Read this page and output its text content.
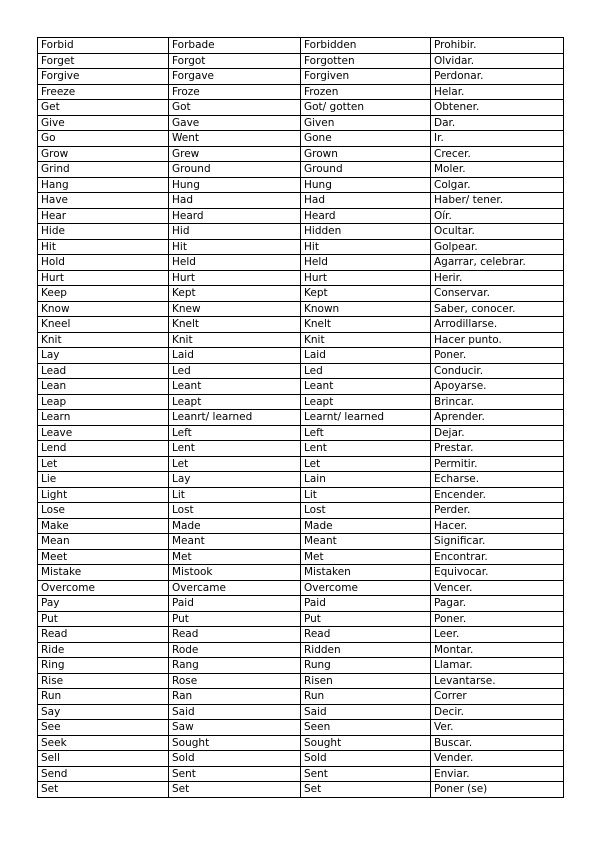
Forbid	Forbade	Forbidden	Prohibir.
Forget	Forgot	Forgotten	Olvidar.
Forgive	Forgave	Forgiven	Perdonar.
Freeze	Froze	Frozen	Helar.
Get	Got	Got/ gotten	Obtener.
Give	Gave	Given	Dar.
Go	Went	Gone	Ir.
Grow	Grew	Grown	Crecer.
Grind	Ground	Ground	Moler.
Hang	Hung	Hung	Colgar.
Have	Had	Had	Haber/ tener.
Hear	Heard	Heard	Oír.
Hide	Hid	Hidden	Ocultar.
Hit	Hit	Hit	Golpear.
Hold	Held	Held	Agarrar, celebrar.
Hurt	Hurt	Hurt	Herir.
Keep	Kept	Kept	Conservar.
Know	Knew	Known	Saber, conocer.
Kneel	Knelt	Knelt	Arrodillarse.
Knit	Knit	Knit	Hacer punto.
Lay	Laid	Laid	Poner.
Lead	Led	Led	Conducir.
Lean	Leant	Leant	Apoyarse.
Leap	Leapt	Leapt	Brincar.
Learn	Leanrt/ learned	Learnt/ learned	Aprender.
Leave	Left	Left	Dejar.
Lend	Lent	Lent	Prestar.
Let	Let	Let	Permitir.
Lie	Lay	Lain	Echarse.
Light	Lit	Lit	Encender.
Lose	Lost	Lost	Perder.
Make	Made	Made	Hacer.
Mean	Meant	Meant	Significar.
Meet	Met	Met	Encontrar.
Mistake	Mistook	Mistaken	Equivocar.
Overcome	Overcame	Overcome	Vencer.
Pay	Paid	Paid	Pagar.
Put	Put	Put	Poner.
Read	Read	Read	Leer.
Ride	Rode	Ridden	Montar.
Ring	Rang	Rung	Llamar.
Rise	Rose	Risen	Levantarse.
Run	Ran	Run	Correr
Say	Said	Said	Decir.
See	Saw	Seen	Ver.
Seek	Sought	Sought	Buscar.
Sell	Sold	Sold	Vender.
Send	Sent	Sent	Enviar.
Set	Set	Set	Poner (se)
